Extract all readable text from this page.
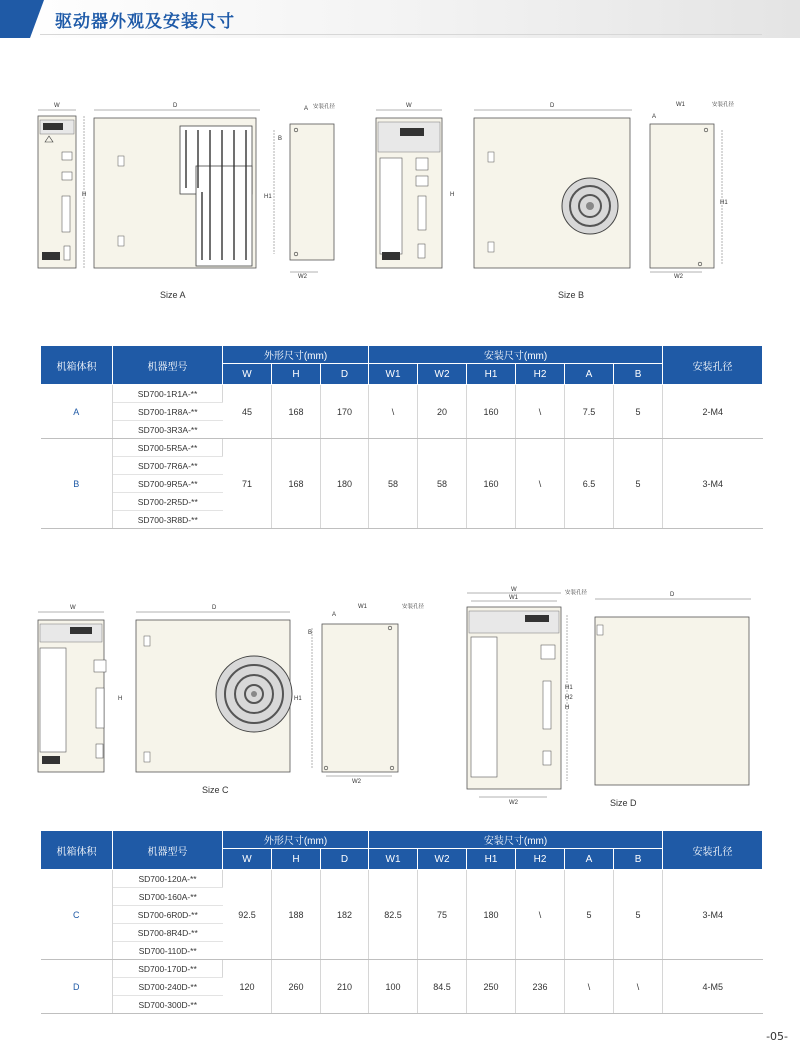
驱动器外观及安装尺寸
W
H
D	A 安装孔径
B
H1
W2
Size A
W
H
D	W1	安装孔径
A
H1
W2
Size B
机箱体积	机器型号	外形尺寸(mm)			安装尺寸(mm)						安装孔径
		W	H	D	W1	W2	H1	H2	A	B	
A	SD700-1R1A-**	45	168	170	\	20	160	\	7.5	5	2-M4
	SD700-1R8A-**										
	SD700-3R3A-**										
B	SD700-5R5A-**	71	168	180	58	58	160	\	6.5	5	3-M4
	SD700-7R6A-**										
	SD700-9R5A-**										
	SD700-2R5D-**										
	SD700-3R8D-**										
W
H
D	W1	安装孔径
A
B
H1
W2
Size C
W
W1
安装孔径
H2
H1
H
W2
D
Size D
机箱体积	机器型号	外形尺寸(mm)			安装尺寸(mm)						安装孔径
		W	H	D	W1	W2	H1	H2	A	B	
C	SD700-120A-**	92.5	188	182	82.5	75	180	\	5	5	3-M4
	SD700-160A-**										
	SD700-6R0D-**										
	SD700-8R4D-**										
	SD700-110D-**										
D	SD700-170D-**	120	260	210	100	84.5	250	236	\	\	4-M5
	SD700-240D-**										
	SD700-300D-**										
-05-
